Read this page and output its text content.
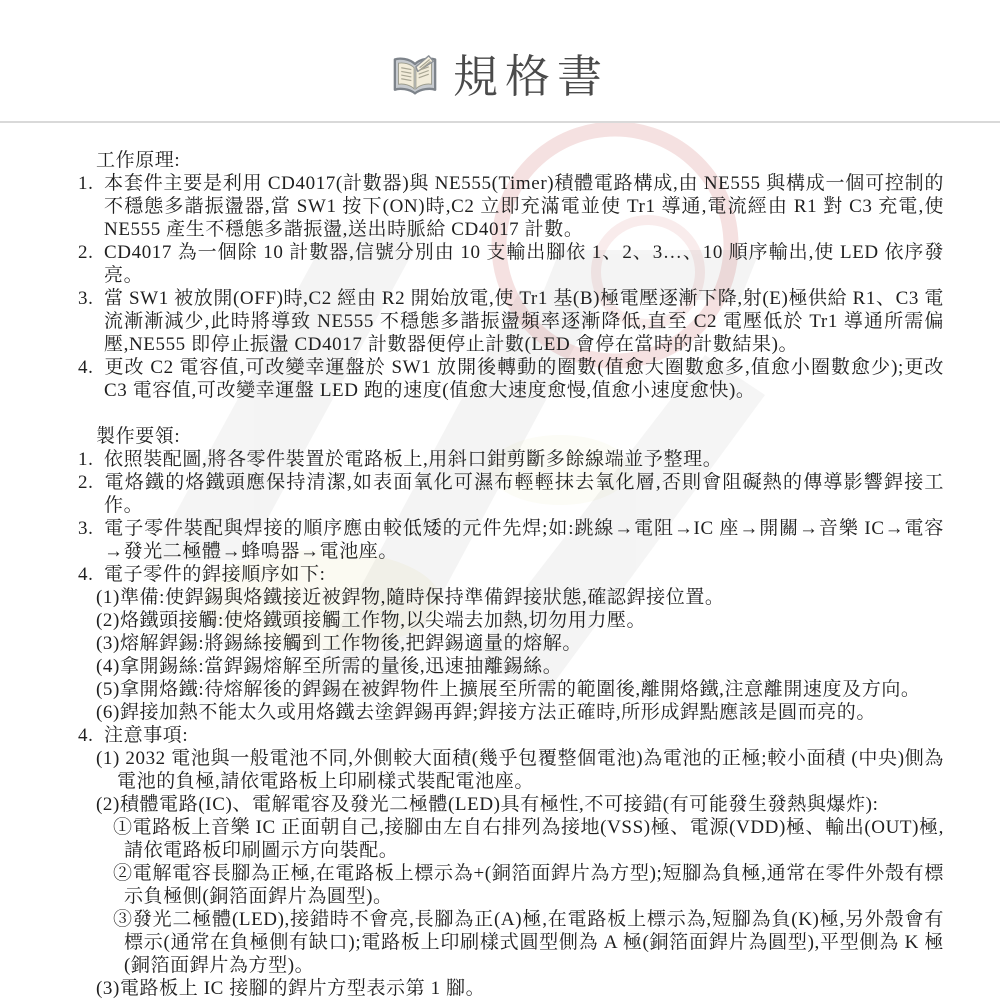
規格書
工作原理:
1. 本套件主要是利用 CD4017(計數器)與 NE555(Timer)積體電路構成,由 NE555 與構成一個可控制的不穩態多諧振盪器,當 SW1 按下(ON)時,C2 立即充滿電並使 Tr1 導通,電流經由 R1 對 C3 充電,使 NE555 產生不穩態多諧振盪,送出時脈給 CD4017 計數。
2. CD4017 為一個除 10 計數器,信號分別由 10 支輸出腳依 1、2、3…、10 順序輸出,使 LED 依序發亮。
3. 當 SW1 被放開(OFF)時,C2 經由 R2 開始放電,使 Tr1 基(B)極電壓逐漸下降,射(E)極供給 R1、C3 電流漸漸減少,此時將導致 NE555 不穩態多諧振盪頻率逐漸降低,直至 C2 電壓低於 Tr1 導通所需偏壓,NE555 即停止振盪 CD4017 計數器便停止計數(LED 會停在當時的計數結果)。
4. 更改 C2 電容值,可改變幸運盤於 SW1 放開後轉動的圈數(值愈大圈數愈多,值愈小圈數愈少);更改 C3 電容值,可改變幸運盤 LED 跑的速度(值愈大速度愈慢,值愈小速度愈快)。
製作要領:
1. 依照裝配圖,將各零件裝置於電路板上,用斜口鉗剪斷多餘線端並予整理。
2. 電烙鐵的烙鐵頭應保持清潔,如表面氧化可濕布輕輕抹去氧化層,否則會阻礙熱的傳導影響銲接工作。
3. 電子零件裝配與焊接的順序應由較低矮的元件先焊;如:跳線→電阻→IC 座→開關→音樂 IC→電容→發光二極體→蜂鳴器→電池座。
4. 電子零件的銲接順序如下:
(1)準備:使銲錫與烙鐵接近被銲物,隨時保持準備銲接狀態,確認銲接位置。
(2)烙鐵頭接觸:使烙鐵頭接觸工作物,以尖端去加熱,切勿用力壓。
(3)熔解銲錫:將錫絲接觸到工作物後,把銲錫適量的熔解。
(4)拿開錫絲:當銲錫熔解至所需的量後,迅速抽離錫絲。
(5)拿開烙鐵:待熔解後的銲錫在被銲物件上擴展至所需的範圍後,離開烙鐵,注意離開速度及方向。
(6)銲接加熱不能太久或用烙鐵去塗銲錫再銲;銲接方法正確時,所形成銲點應該是圓而亮的。
4. 注意事項:
(1) 2032 電池與一般電池不同,外側較大面積(幾乎包覆整個電池)為電池的正極;較小面積 (中央)側為電池的負極,請依電路板上印刷樣式裝配電池座。
(2)積體電路(IC)、電解電容及發光二極體(LED)具有極性,不可接錯(有可能發生發熱與爆炸):
①電路板上音樂 IC 正面朝自己,接腳由左自右排列為接地(VSS)極、電源(VDD)極、輸出(OUT)極,請依電路板印刷圖示方向裝配。
②電解電容長腳為正極,在電路板上標示為+(銅箔面銲片為方型);短腳為負極,通常在零件外殼有標示負極側(銅箔面銲片為圓型)。
③發光二極體(LED),接錯時不會亮,長腳為正(A)極,在電路板上標示為,短腳為負(K)極,另外殼會有標示(通常在負極側有缺口);電路板上印刷樣式圓型側為 A 極(銅箔面銲片為圓型),平型側為 K 極(銅箔面銲片為方型)。
(3)電路板上 IC 接腳的銲片方型表示第 1 腳。
